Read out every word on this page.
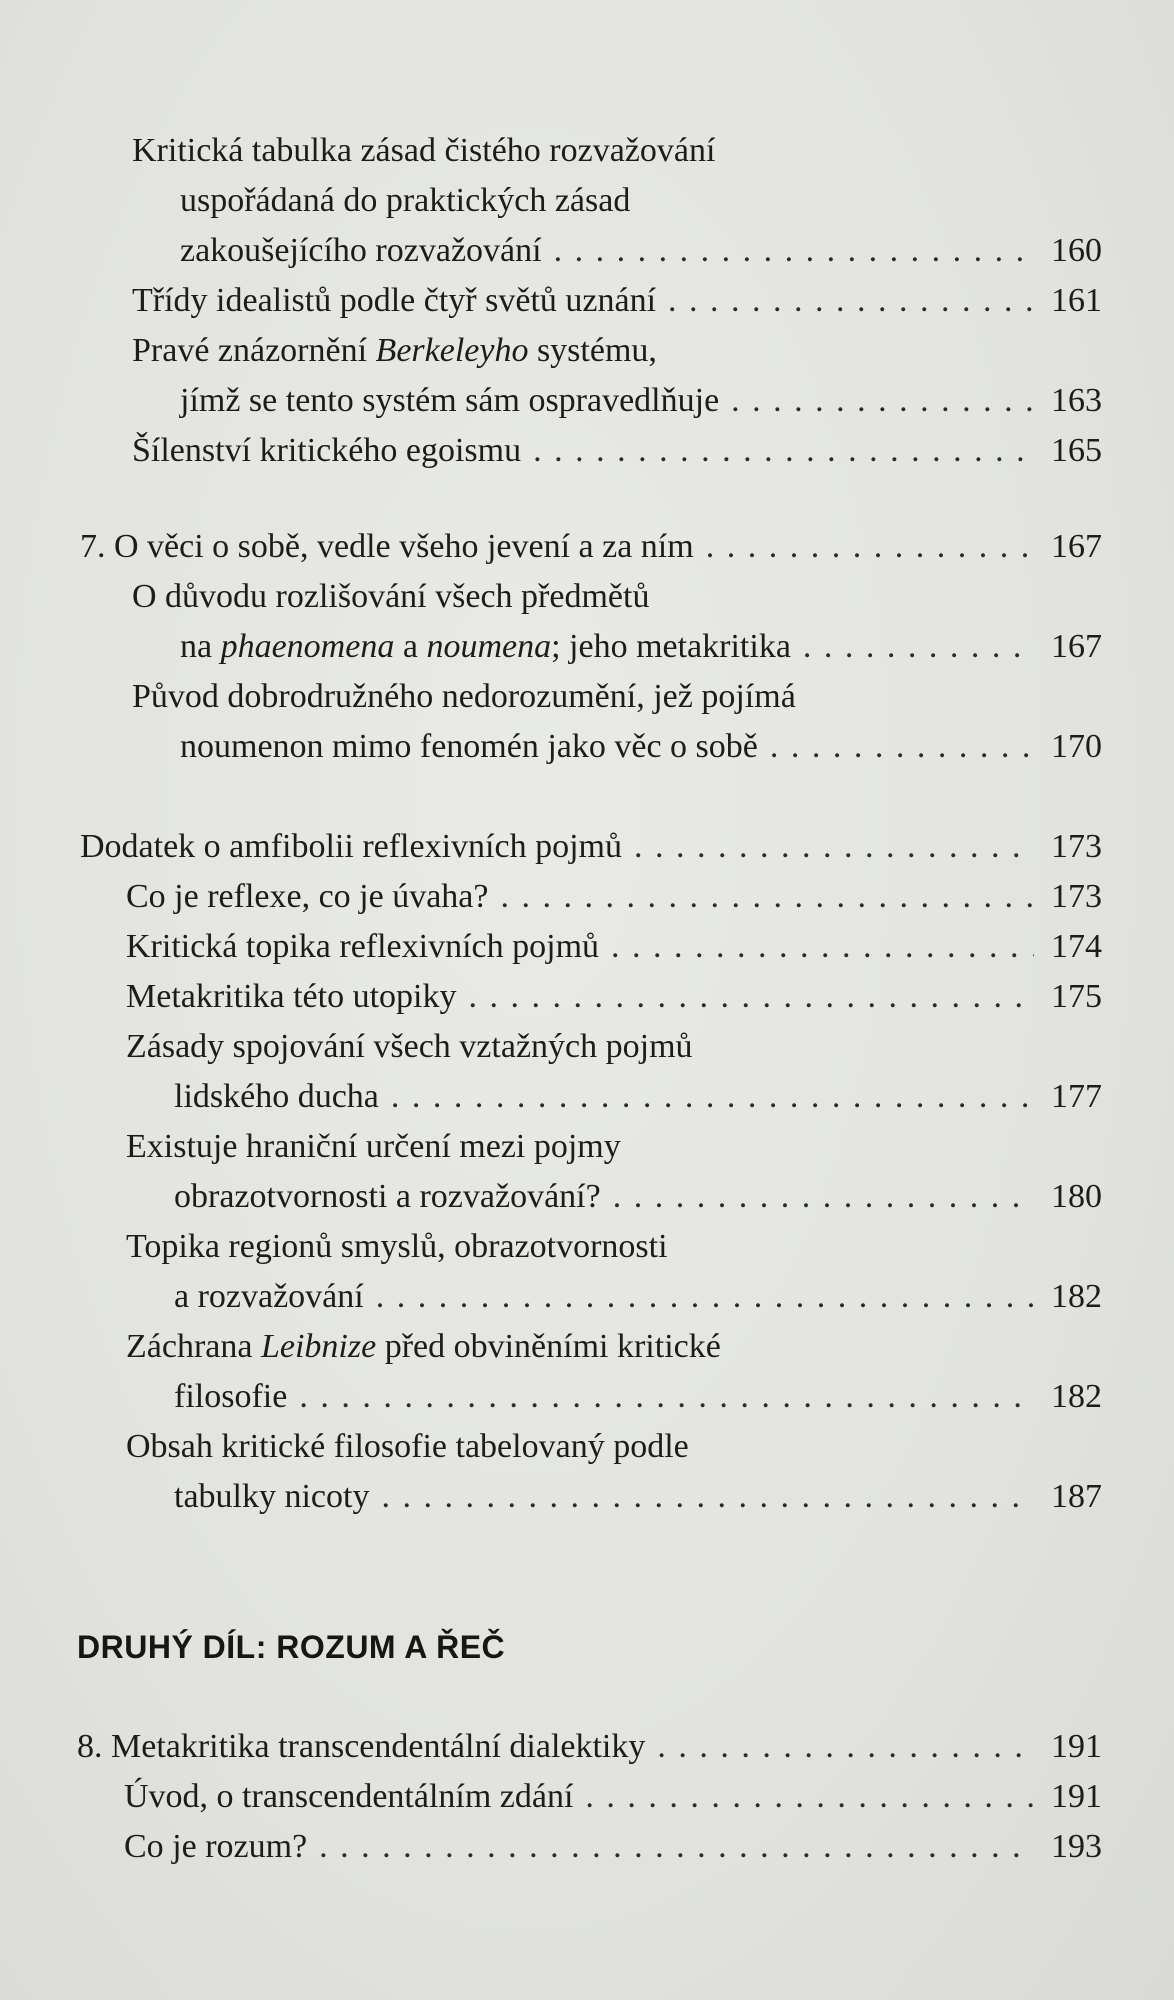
Kritická tabulka zásad čistého rozvažování
uspořádaná do praktických zásad
zakoušejícího rozvažování . . .	160
Třídy idealistů podle čtyř světů uznání . . .	161
Pravé znázornění Berkeleyho systému,
jímž se tento systém sám ospravedlňuje . . .	163
Šílenství kritického egoismu . . .	165
7. O věci o sobě, vedle všeho jevení a za ním . . .	167
O důvodu rozlišování všech předmětů
na phaenomena a noumena; jeho metakritika . . .	167
Původ dobrodružného nedorozumění, jež pojímá
noumenon mimo fenomén jako věc o sobě . . .	170
Dodatek o amfibolii reflexivních pojmů . . .	173
Co je reflexe, co je úvaha? . . .	173
Kritická topika reflexivních pojmů . . .	174
Metakritika této utopiky . . .	175
Zásady spojování všech vztažných pojmů
lidského ducha . . .	177
Existuje hraniční určení mezi pojmy
obrazotvornosti a rozvažování? . . .	180
Topika regionů smyslů, obrazotvornosti
a rozvažování . . .	182
Záchrana Leibnize před obviněními kritické
filosofie . . .	182
Obsah kritické filosofie tabelovaný podle
tabulky nicoty . . .	187
DRUHÝ DÍL: ROZUM A ŘEČ
8. Metakritika transcendentální dialektiky . . .	191
Úvod, o transcendentálním zdání . . .	191
Co je rozum? . . .	193
